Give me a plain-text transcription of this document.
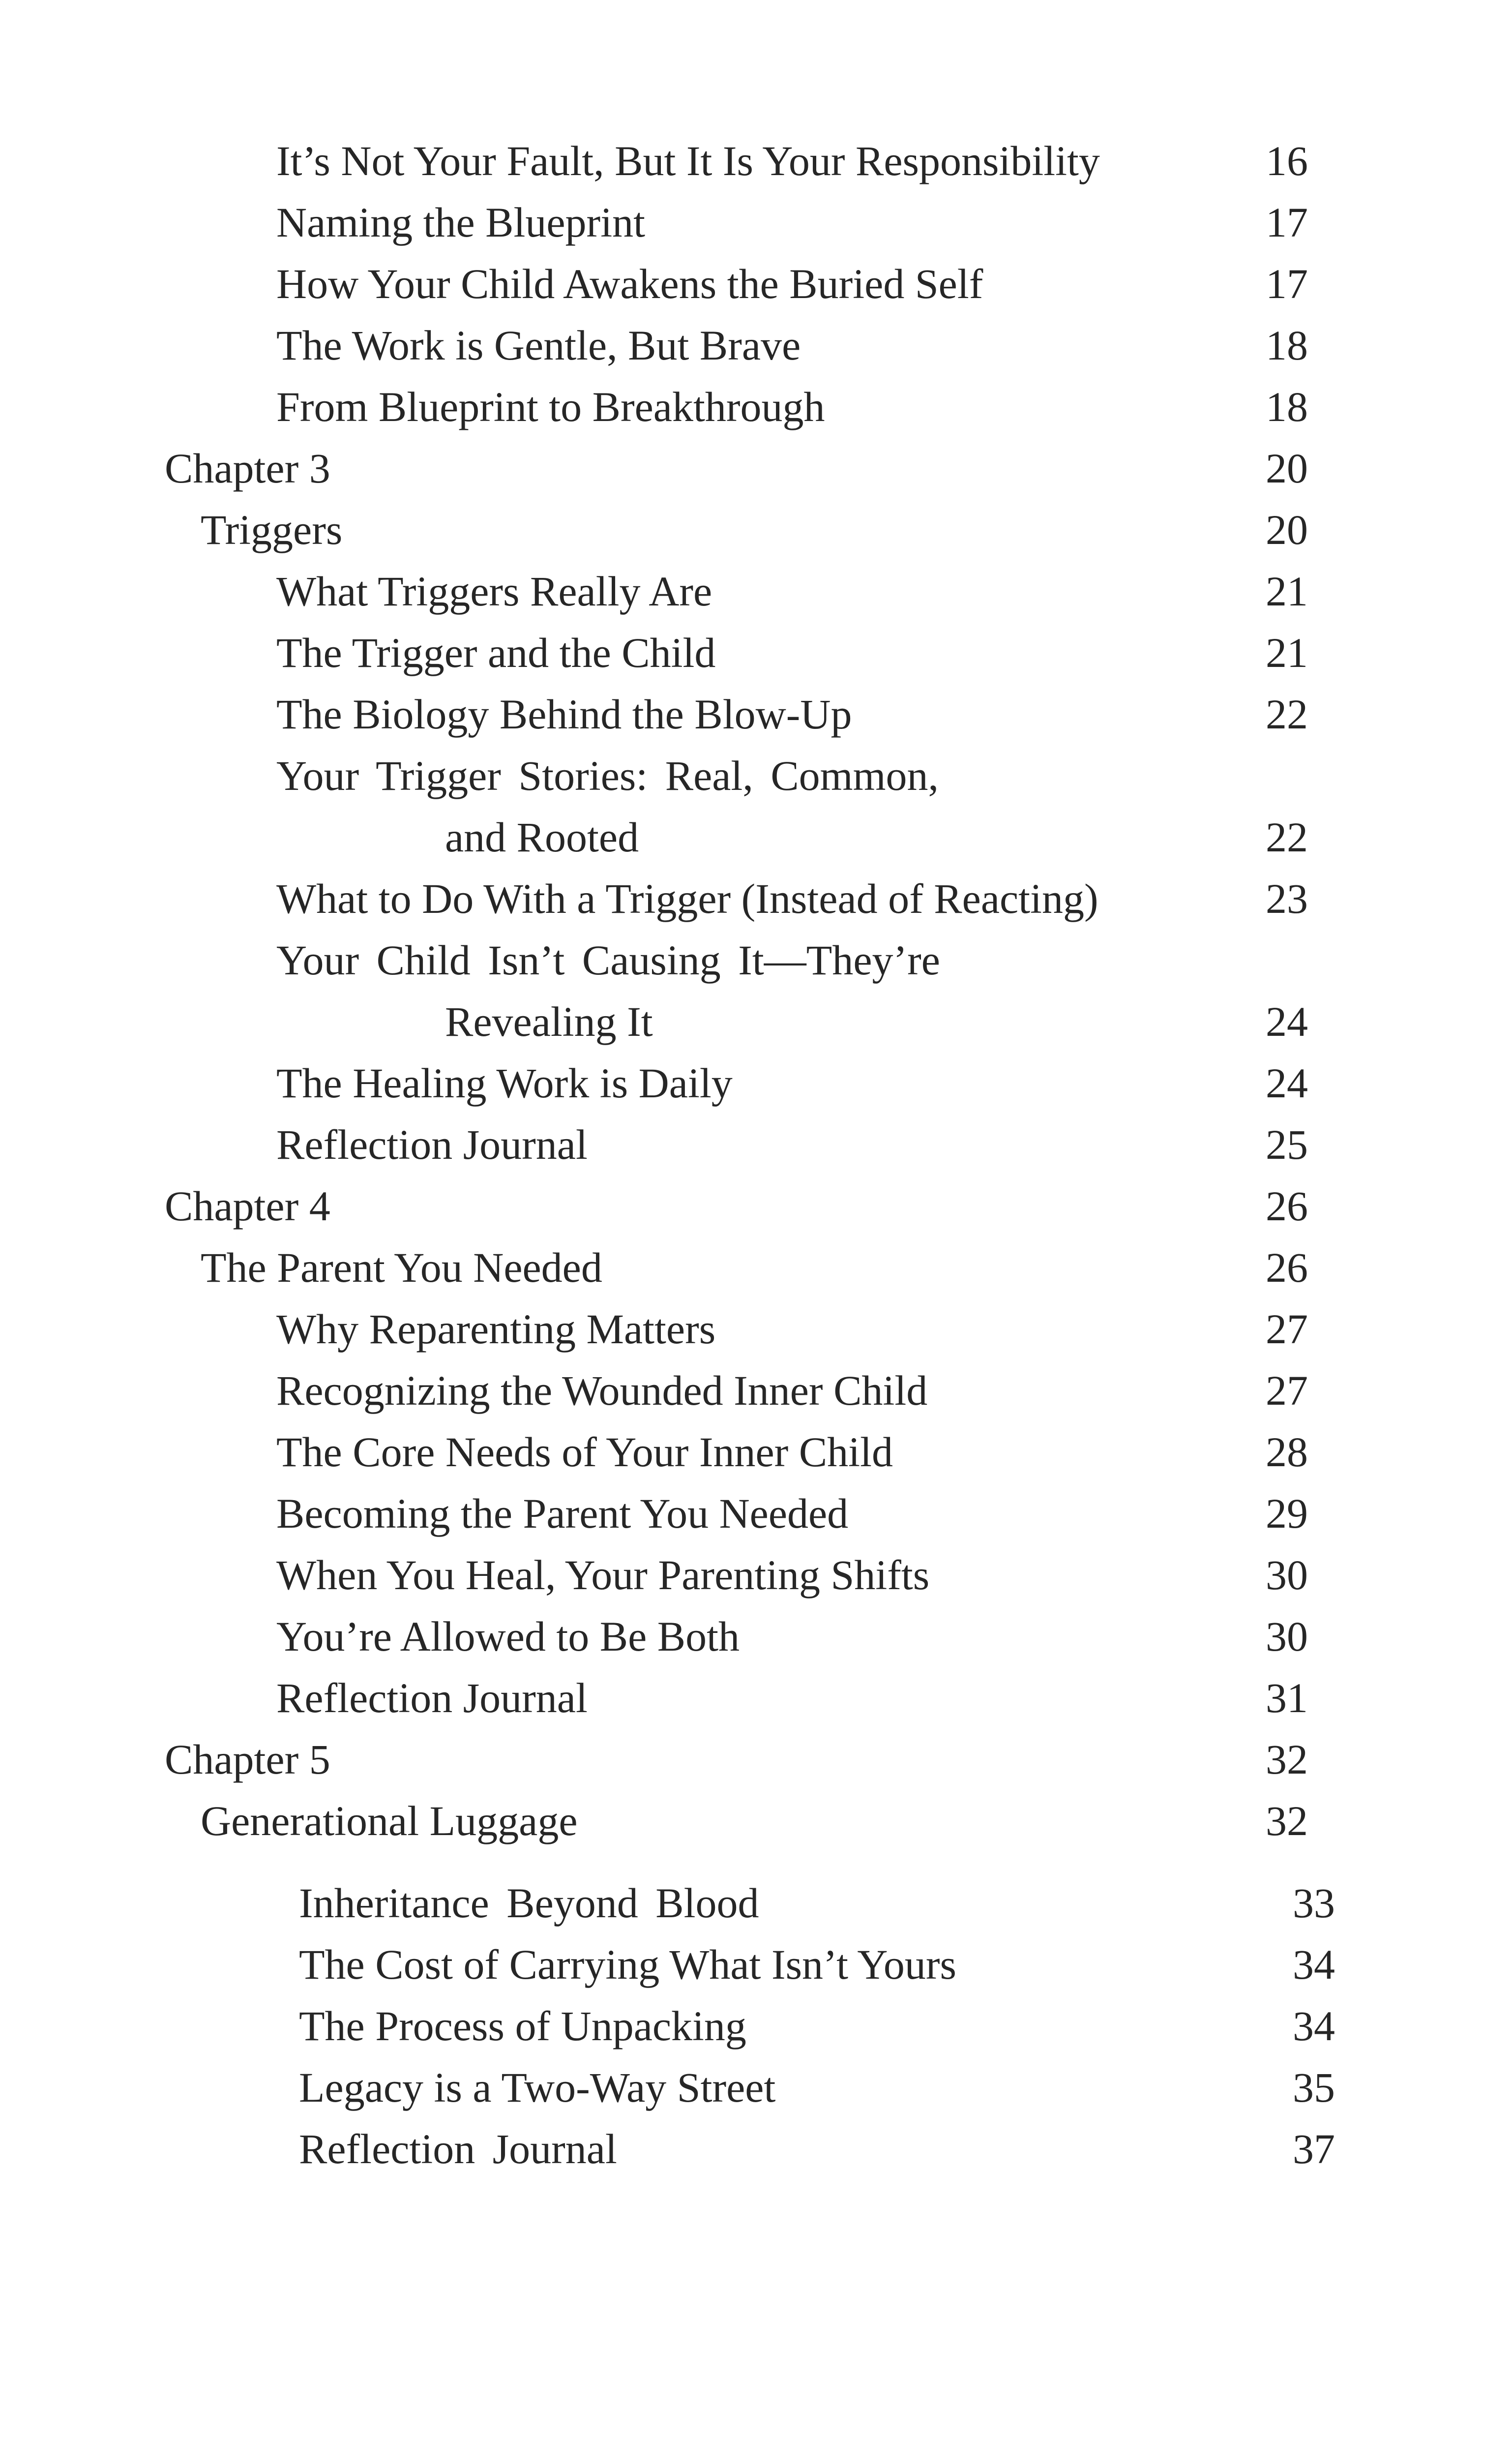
It’s Not Your Fault, But It Is Your Responsibility	16
Naming the Blueprint	17
How Your Child Awakens the Buried Self	17
The Work is Gentle, But Brave	18
From Blueprint to Breakthrough	18
Chapter 3	20
Triggers	20
What Triggers Really Are	21
The Trigger and the Child	21
The Biology Behind the Blow-Up	22
Your Trigger Stories: Real, Common,
and Rooted	22
What to Do With a Trigger (Instead of Reacting)	23
Your Child Isn’t Causing It—They’re
Revealing It	24
The Healing Work is Daily	24
Reflection Journal	25
Chapter 4	26
The Parent You Needed	26
Why Reparenting Matters	27
Recognizing the Wounded Inner Child	27
The Core Needs of Your Inner Child	28
Becoming the Parent You Needed	29
When You Heal, Your Parenting Shifts	30
You’re Allowed to Be Both	30
Reflection Journal	31
Chapter 5	32
Generational Luggage	32
Inheritance Beyond Blood	33
The Cost of Carrying What Isn’t Yours	34
The Process of Unpacking	34
Legacy is a Two-Way Street	35
Reflection Journal	37
